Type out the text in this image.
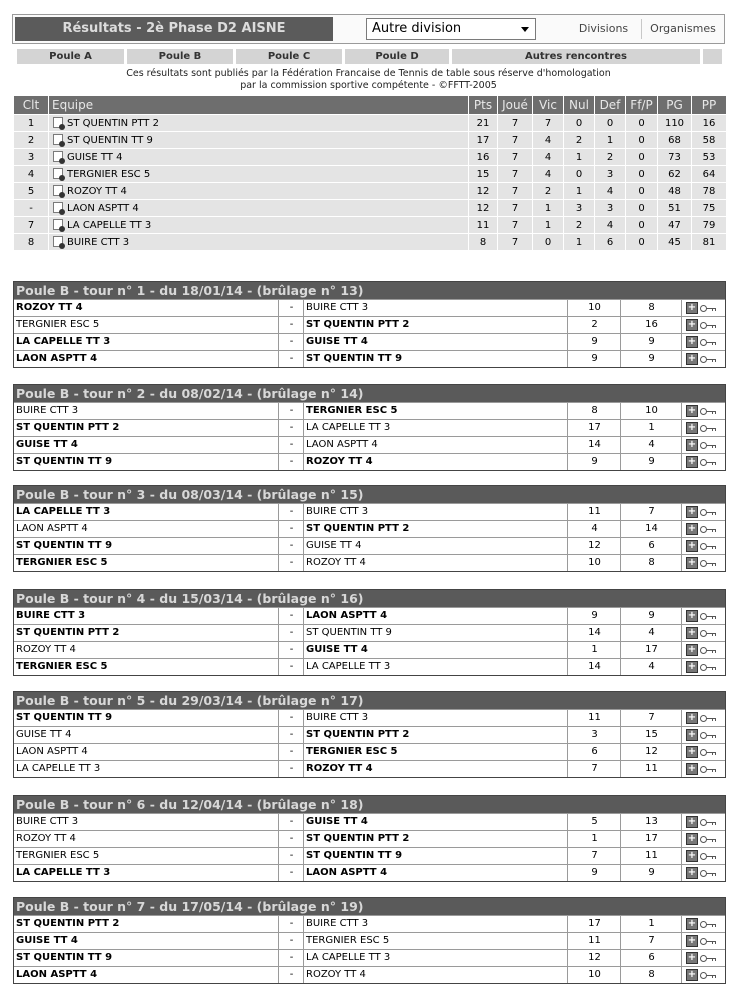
Résultats - 2è Phase D2 AISNE	Autre division	Divisions	Organismes
Poule A	Poule B	Poule C	Poule D	Autres rencontres
Ces résultats sont publiés par la Fédération Francaise de Tennis de table sous réserve d'homologation
par la commission sportive compétente - ©FFTT-2005
Clt	Equipe	Pts	Joué	Vic	Nul	Def	Ff/P	PG	PP
1	ST QUENTIN PTT 2	21	7	7	0	0	0	110	16
2	ST QUENTIN TT 9	17	7	4	2	1	0	68	58
3	GUISE TT 4	16	7	4	1	2	0	73	53
4	TERGNIER ESC 5	15	7	4	0	3	0	62	64
5	ROZOY TT 4	12	7	2	1	4	0	48	78
-	LAON ASPTT 4	12	7	1	3	3	0	51	75
7	LA CAPELLE TT 3	11	7	1	2	4	0	47	79
8	BUIRE CTT 3	8	7	0	1	6	0	45	81
Poule B - tour n° 1 - du 18/01/14 - (brûlage n° 13)
ROZOY TT 4	-	BUIRE CTT 3	10	8	+
TERGNIER ESC 5	-	ST QUENTIN PTT 2	2	16	+
LA CAPELLE TT 3	-	GUISE TT 4	9	9	+
LAON ASPTT 4	-	ST QUENTIN TT 9	9	9	+
Poule B - tour n° 2 - du 08/02/14 - (brûlage n° 14)
BUIRE CTT 3	-	TERGNIER ESC 5	8	10	+
ST QUENTIN PTT 2	-	LA CAPELLE TT 3	17	1	+
GUISE TT 4	-	LAON ASPTT 4	14	4	+
ST QUENTIN TT 9	-	ROZOY TT 4	9	9	+
Poule B - tour n° 3 - du 08/03/14 - (brûlage n° 15)
LA CAPELLE TT 3	-	BUIRE CTT 3	11	7	+
LAON ASPTT 4	-	ST QUENTIN PTT 2	4	14	+
ST QUENTIN TT 9	-	GUISE TT 4	12	6	+
TERGNIER ESC 5	-	ROZOY TT 4	10	8	+
Poule B - tour n° 4 - du 15/03/14 - (brûlage n° 16)
BUIRE CTT 3	-	LAON ASPTT 4	9	9	+
ST QUENTIN PTT 2	-	ST QUENTIN TT 9	14	4	+
ROZOY TT 4	-	GUISE TT 4	1	17	+
TERGNIER ESC 5	-	LA CAPELLE TT 3	14	4	+
Poule B - tour n° 5 - du 29/03/14 - (brûlage n° 17)
ST QUENTIN TT 9	-	BUIRE CTT 3	11	7	+
GUISE TT 4	-	ST QUENTIN PTT 2	3	15	+
LAON ASPTT 4	-	TERGNIER ESC 5	6	12	+
LA CAPELLE TT 3	-	ROZOY TT 4	7	11	+
Poule B - tour n° 6 - du 12/04/14 - (brûlage n° 18)
BUIRE CTT 3	-	GUISE TT 4	5	13	+
ROZOY TT 4	-	ST QUENTIN PTT 2	1	17	+
TERGNIER ESC 5	-	ST QUENTIN TT 9	7	11	+
LA CAPELLE TT 3	-	LAON ASPTT 4	9	9	+
Poule B - tour n° 7 - du 17/05/14 - (brûlage n° 19)
ST QUENTIN PTT 2	-	BUIRE CTT 3	17	1	+
GUISE TT 4	-	TERGNIER ESC 5	11	7	+
ST QUENTIN TT 9	-	LA CAPELLE TT 3	12	6	+
LAON ASPTT 4	-	ROZOY TT 4	10	8	+
